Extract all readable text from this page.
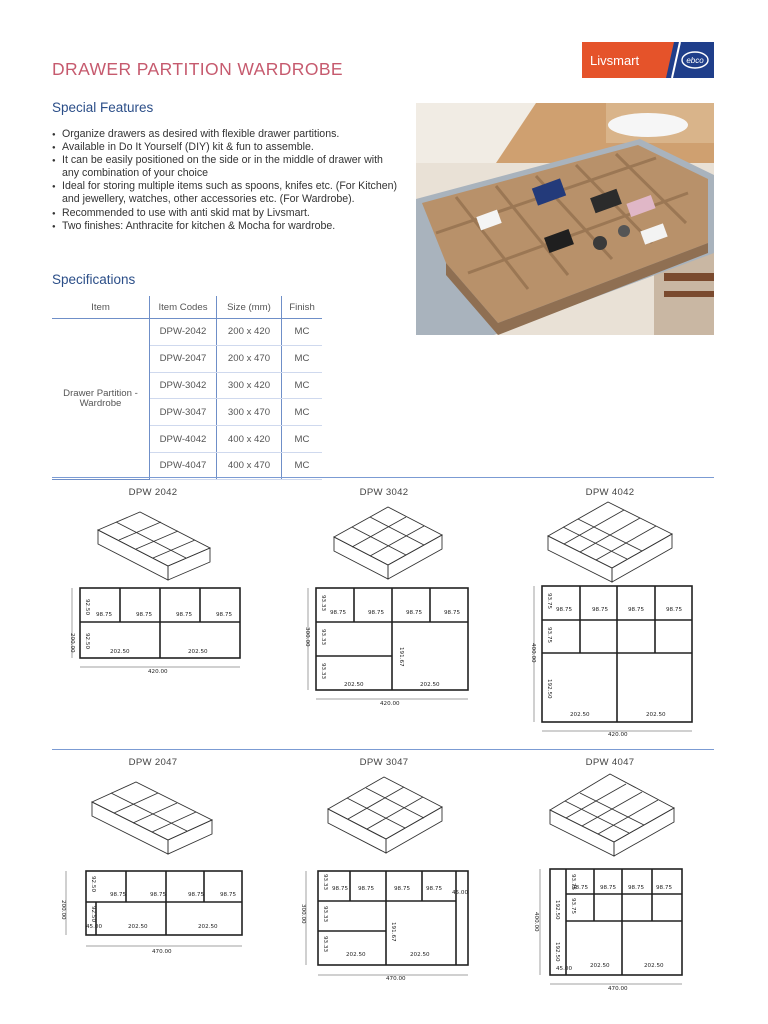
DRAWER PARTITION WARDROBE	Livsmart	ebco
Special Features
● Organize drawers as desired with flexible drawer partitions.
● Available in Do It Yourself (DIY) kit & fun to assemble.
● It can be easily positioned on the side or in the middle of drawer with any combination of your choice
● Ideal for storing multiple items such as spoons, knifes etc. (For Kitchen) and jewellery, watches, other accessories etc. (For Wardrobe).
● Recommended to use with anti skid mat by Livsmart.
● Two finishes: Anthracite for kitchen & Mocha for wardrobe.
Specifications
Item	Item Codes	Size (mm)	Finish
Drawer Partition - Wardrobe	DPW-2042	200 x 420	MC
	DPW-2047	200 x 470	MC
	DPW-3042	300 x 420	MC
	DPW-3047	300 x 470	MC
	DPW-4042	400 x 420	MC
	DPW-4047	400 x 470	MC
DPW 2042	DPW 3042	DPW 4042
98.75	98.75	98.75	98.75
202.50	202.50
420.00
200.00
92.50
92.50
98.75	98.75	98.75	98.75
202.50	202.50
420.00
300.00
93.33
93.33
93.33
191.67
98.75	98.75	98.75	98.75
202.50	202.50
420.00
400.00
93.75
93.75
192.50
DPW 2047	DPW 3047	DPW 4047
98.75	98.75	98.75	98.75
45.00	202.50	202.50
470.00
200.00
92.50
92.50
98.75 98.75	98.75	98.75
45.00
202.50	202.50
470.00
300.00
93.33
93.33
93.33
191.67
98.75 98.75 98.75 98.75
45.00	202.50	202.50
470.00
400.00
93.75
93.75
192.50
192.50
